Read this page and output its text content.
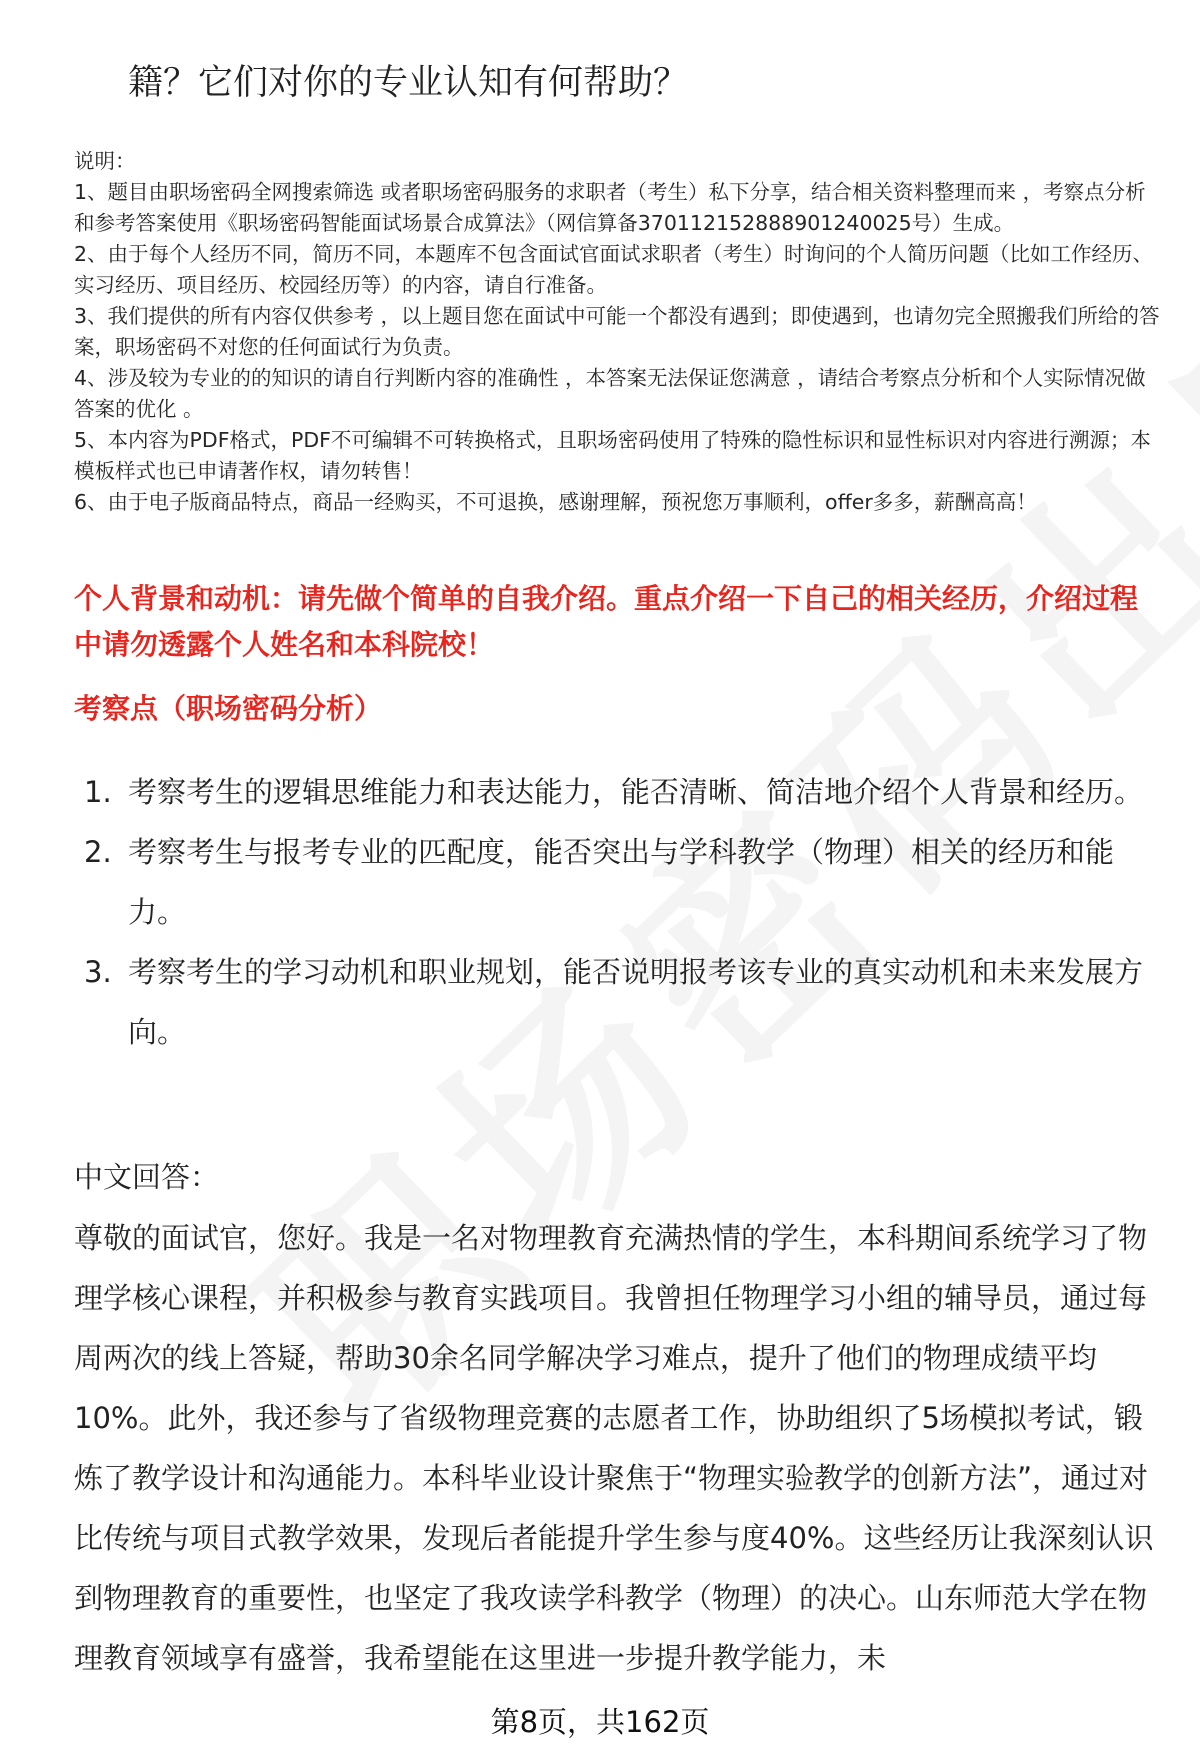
籍？它们对你的专业认知有何帮助？

说明：

1、题目由职场密码全网搜索筛选 或者职场密码服务的求职者（考生）私下分享，结合相关资料整理而来 ，考察点分析和参考答案使用《职场密码智能面试场景合成算法》（网信算备370112152888901240025号）生成。

2、由于每个人经历不同，简历不同，本题库不包含面试官面试求职者（考生）时询问的个人简历问题（比如工作经历、实习经历、项目经历、校园经历等）的内容，请自行准备。

3、我们提供的所有内容仅供参考 ，以上题目您在面试中可能一个都没有遇到；即使遇到，也请勿完全照搬我们所给的答案，职场密码不对您的任何面试行为负责。

4、涉及较为专业的的知识的请自行判断内容的准确性 ，本答案无法保证您满意 ，请结合考察点分析和个人实际情况做答案的优化 。

5、本内容为PDF格式，PDF不可编辑不可转换格式，且职场密码使用了特殊的隐性标识和显性标识对内容进行溯源；本模板样式也已申请著作权，请勿转售！

6、由于电子版商品特点，商品一经购买，不可退换，感谢理解，预祝您万事顺利，offer多多，薪酬高高！

个人背景和动机：请先做个简单的自我介绍。重点介绍一下自己的相关经历，介绍过程中请勿透露个人姓名和本科院校！
考察点（职场密码分析）
1. 考察考生的逻辑思维能力和表达能力，能否清晰、简洁地介绍个人背景和经历。
2. 考察考生与报考专业的匹配度，能否突出与学科教学（物理）相关的经历和能力。
3. 考察考生的学习动机和职业规划，能否说明报考该专业的真实动机和未来发展方向。
中文回答：

尊敬的面试官，您好。我是一名对物理教育充满热情的学生，本科期间系统学习了物理学核心课程，并积极参与教育实践项目。我曾担任物理学习小组的辅导员，通过每周两次的线上答疑，帮助30余名同学解决学习难点，提升了他们的物理成绩平均10%。此外，我还参与了省级物理竞赛的志愿者工作，协助组织了5场模拟考试，锻炼了教学设计和沟通能力。本科毕业设计聚焦于“物理实验教学的创新方法”，通过对比传统与项目式教学效果，发现后者能提升学生参与度40%。这些经历让我深刻认识到物理教育的重要性，也坚定了我攻读学科教学（物理）的决心。山东师范大学在物理教育领域享有盛誉，我希望能在这里进一步提升教学能力，未

第8页，共162页
